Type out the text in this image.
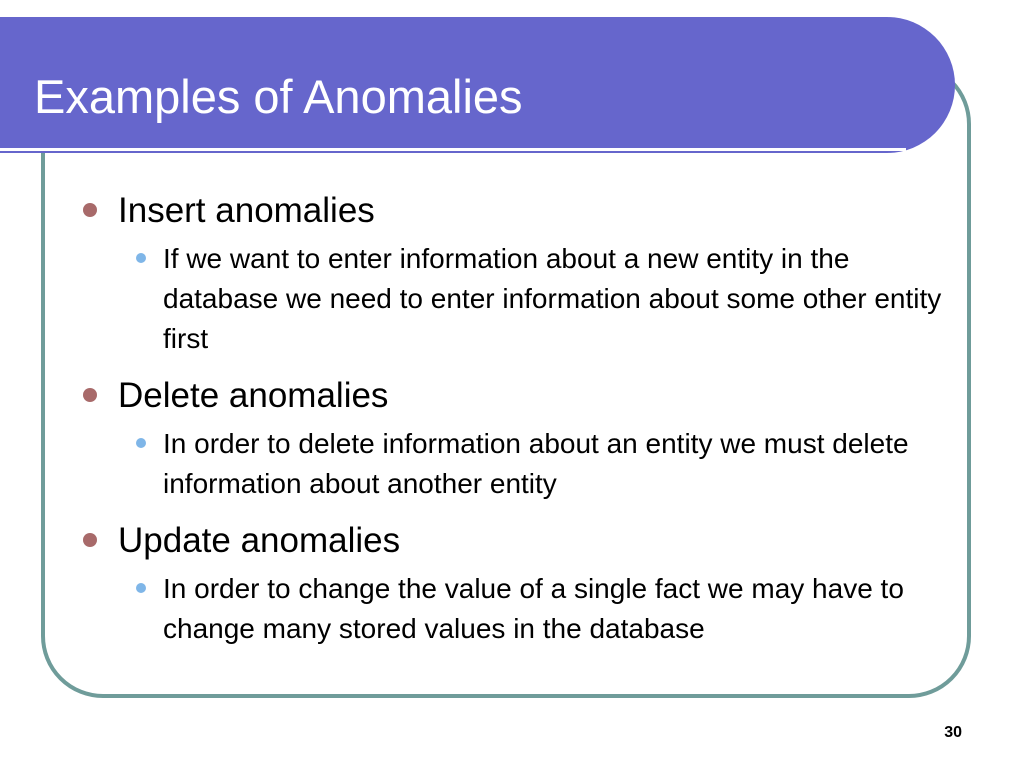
Examples of Anomalies
Insert anomalies
If we want to enter information about a new entity in the database we need to enter information about some other entity first
Delete anomalies
In order to delete information about an entity we must delete information about another entity
Update anomalies
In order to change the value of a single fact we may have to change many stored values in the database
30
